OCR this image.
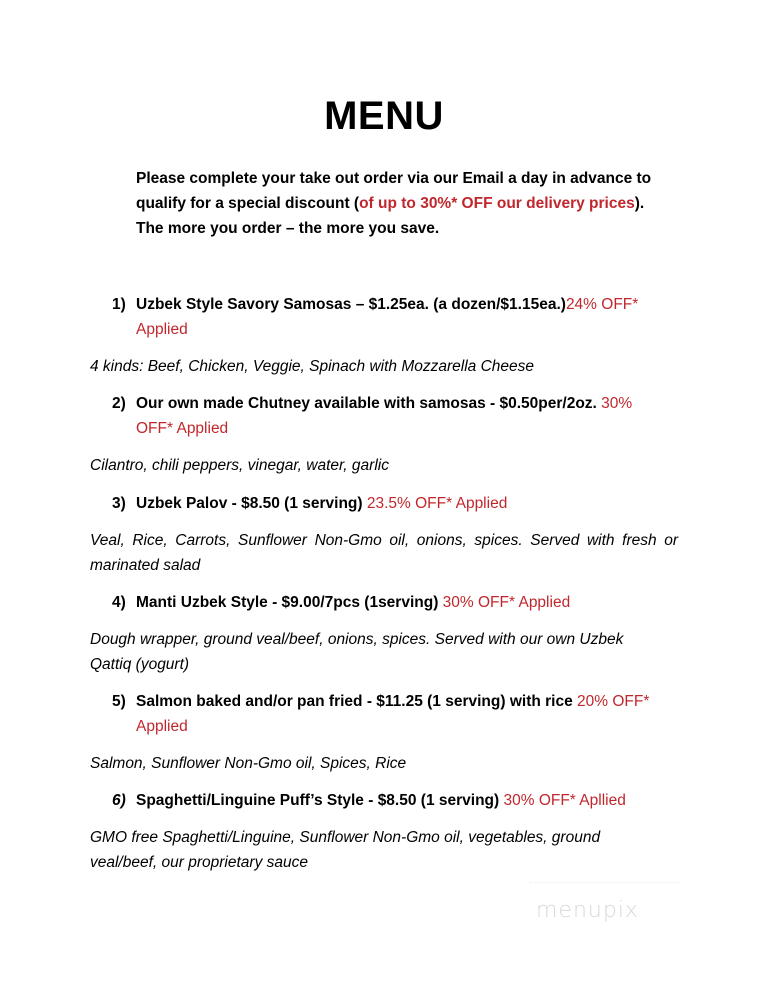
MENU
Please complete your take out order via our Email a day in advance to qualify for a special discount (of up to 30%* OFF our delivery prices). The more you order – the more you save.
1) Uzbek Style Savory Samosas – $1.25ea. (a dozen/$1.15ea.)24% OFF* Applied
4 kinds: Beef, Chicken, Veggie, Spinach with Mozzarella Cheese
2) Our own made Chutney available with samosas - $0.50per/2oz. 30% OFF* Applied
Cilantro, chili peppers, vinegar, water, garlic
3) Uzbek Palov - $8.50 (1 serving) 23.5% OFF* Applied
Veal, Rice, Carrots, Sunflower Non-Gmo oil, onions, spices. Served with fresh or marinated salad
4) Manti Uzbek Style - $9.00/7pcs (1serving) 30% OFF* Applied
Dough wrapper, ground veal/beef, onions, spices. Served with our own Uzbek Qattiq (yogurt)
5) Salmon baked and/or pan fried - $11.25 (1 serving) with rice 20% OFF* Applied
Salmon, Sunflower Non-Gmo oil, Spices, Rice
6) Spaghetti/Linguine Puff’s Style - $8.50 (1 serving) 30% OFF* Apllied
GMO free Spaghetti/Linguine, Sunflower Non-Gmo oil, vegetables, ground veal/beef, our proprietary sauce
menupix
